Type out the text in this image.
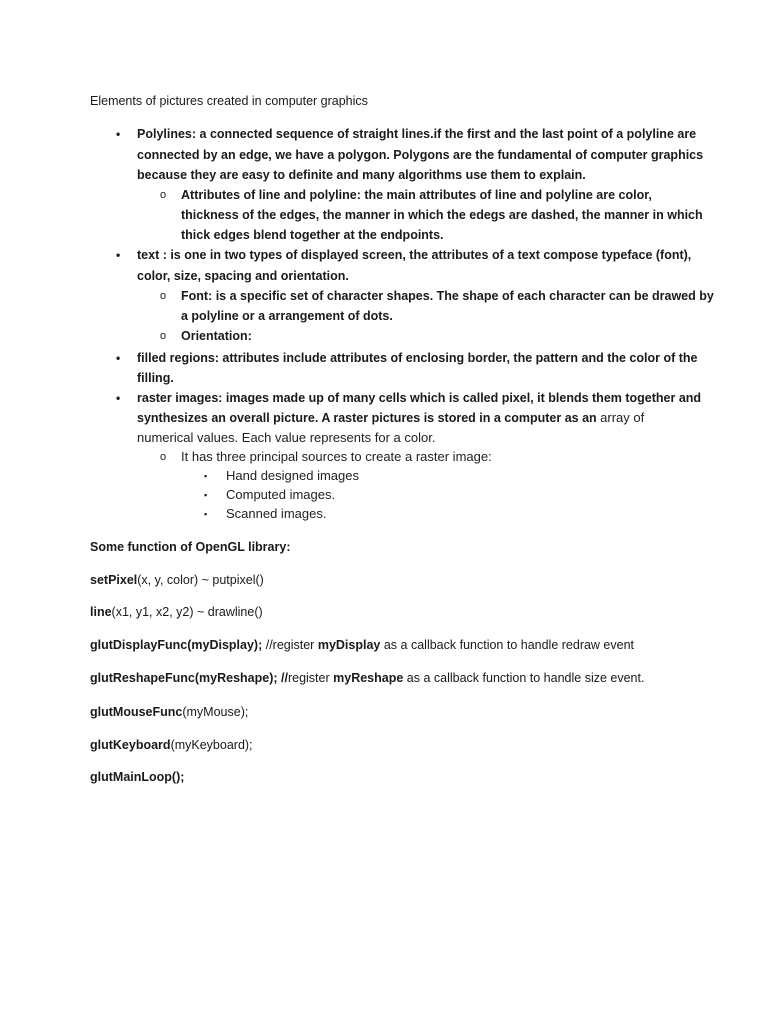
Elements of pictures created in computer graphics
• Polylines: a connected sequence of straight lines.if the first and the last point of a polyline are
connected by an edge, we have a polygon. Polygons are the fundamental of computer graphics
because they are easy to definite and many algorithms use them to explain.
o Attributes of line and polyline: the main attributes of line and polyline are color,
thickness of the edges, the manner in which the edegs are dashed, the manner in which
thick edges blend together at the endpoints.
• text : is one in two types of displayed screen, the attributes of a text compose typeface (font),
color, size, spacing and orientation.
o Font: is a specific set of character shapes. The shape of each character can be drawed by
a polyline or a arrangement of dots.
o Orientation:
• filled regions: attributes include attributes of enclosing border, the pattern and the color of the
filling.
• raster images: images made up of many cells which is called pixel, it blends them together and
synthesizes an overall picture. A raster pictures is stored in a computer as an array of
numerical values. Each value represents for a color.
o It has three principal sources to create a raster image:
▪ Hand designed images
▪ Computed images.
▪ Scanned images.
Some function of OpenGL library:
setPixel(x, y, color) ~ putpixel()
line(x1, y1, x2, y2) ~ drawline()
glutDisplayFunc(myDisplay); //register myDisplay as a callback function to handle redraw event
glutReshapeFunc(myReshape); //register myReshape as a callback function to handle size event.
glutMouseFunc(myMouse);
glutKeyboard(myKeyboard);
glutMainLoop();
